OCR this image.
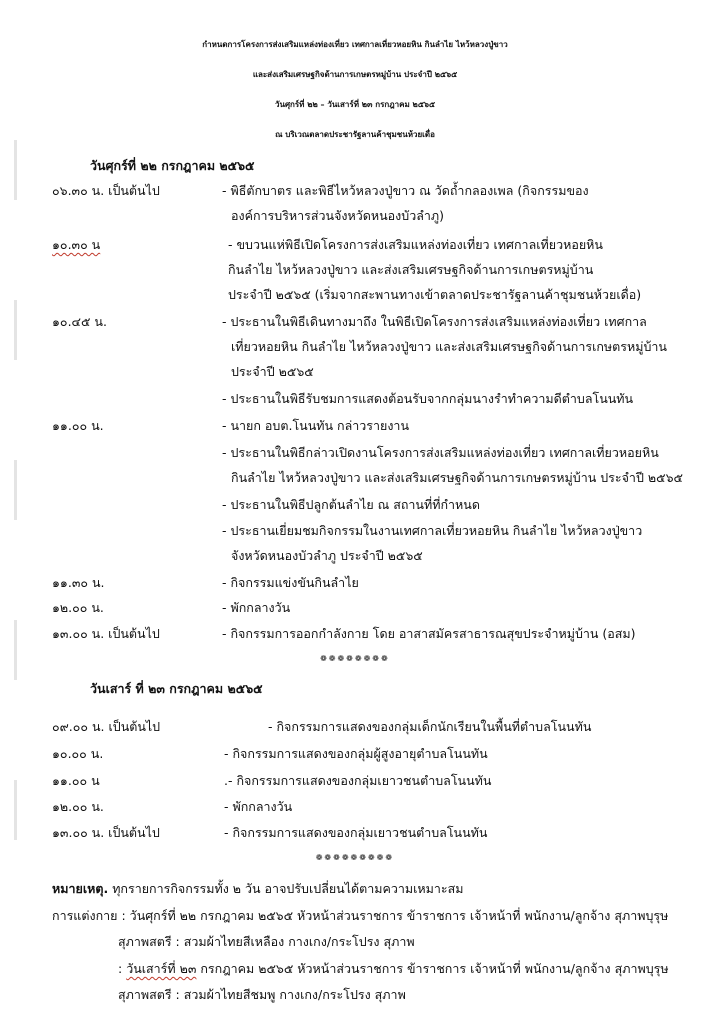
กำหนดการโครงการส่งเสริมแหล่งท่องเที่ยว เทศกาลเที่ยวหอยหิน กินลำไย ไหว้หลวงปู่ขาว
และส่งเสริมเศรษฐกิจด้านการเกษตรหมู่บ้าน ประจำปี ๒๕๖๕
วันศุกร์ที่ ๒๒ – วันเสาร์ที่ ๒๓ กรกฎาคม ๒๕๖๕
ณ บริเวณตลาดประชารัฐลานค้าชุมชนห้วยเดื่อ
วันศุกร์ที่ ๒๒ กรกฎาคม ๒๕๖๕
๐๖.๓๐ น. เป็นต้นไป	- พิธีตักบาตร และพิธีไหว้หลวงปู่ขาว ณ วัดถ้ำกลองเพล (กิจกรรมของ
องค์การบริหารส่วนจังหวัดหนองบัวลำภู)
๑๐.๓๐ น	- ขบวนแห่พิธีเปิดโครงการส่งเสริมแหล่งท่องเที่ยว เทศกาลเที่ยวหอยหิน
กินลำไย ไหว้หลวงปู่ขาว และส่งเสริมเศรษฐกิจด้านการเกษตรหมู่บ้าน
ประจำปี ๒๕๖๕ (เริ่มจากสะพานทางเข้าตลาดประชารัฐลานค้าชุมชนห้วยเดื่อ)
๑๐.๔๕ น.	- ประธานในพิธีเดินทางมาถึง ในพิธีเปิดโครงการส่งเสริมแหล่งท่องเที่ยว เทศกาล
เที่ยวหอยหิน กินลำไย ไหว้หลวงปู่ขาว และส่งเสริมเศรษฐกิจด้านการเกษตรหมู่บ้าน
ประจำปี ๒๕๖๕
- ประธานในพิธีรับชมการแสดงต้อนรับจากกลุ่มนางรำทำความดีตำบลโนนทัน
๑๑.๐๐ น.	- นายก อบต.โนนทัน กล่าวรายงาน
- ประธานในพิธีกล่าวเปิดงานโครงการส่งเสริมแหล่งท่องเที่ยว เทศกาลเที่ยวหอยหิน
กินลำไย ไหว้หลวงปู่ขาว และส่งเสริมเศรษฐกิจด้านการเกษตรหมู่บ้าน ประจำปี ๒๕๖๕
- ประธานในพิธีปลูกต้นลำไย ณ สถานที่ที่กำหนด
- ประธานเยี่ยมชมกิจกรรมในงานเทศกาลเที่ยวหอยหิน กินลำไย ไหว้หลวงปู่ขาว
จังหวัดหนองบัวลำภู ประจำปี ๒๕๖๕
๑๑.๓๐ น.	- กิจกรรมแข่งขันกินลำไย
๑๒.๐๐ น.	- พักกลางวัน
๑๓.๐๐ น. เป็นต้นไป	- กิจกรรมการออกกำลังกาย โดย อาสาสมัครสาธารณสุขประจำหมู่บ้าน (อสม)
❁❁❁❁❁❁❁❁
วันเสาร์ ที่ ๒๓ กรกฎาคม ๒๕๖๕
๐๙.๐๐ น. เป็นต้นไป	- กิจกรรมการแสดงของกลุ่มเด็กนักเรียนในพื้นที่ตำบลโนนทัน
๑๐.๐๐ น.	- กิจกรรมการแสดงของกลุ่มผู้สูงอายุตำบลโนนทัน
๑๑.๐๐ น	.- กิจกรรมการแสดงของกลุ่มเยาวชนตำบลโนนทัน
๑๒.๐๐ น.	- พักกลางวัน
๑๓.๐๐ น. เป็นต้นไป	- กิจกรรมการแสดงของกลุ่มเยาวชนตำบลโนนทัน
❁❁❁❁❁❁❁❁❁
หมายเหตุ. ทุกรายการกิจกรรมทั้ง ๒ วัน อาจปรับเปลี่ยนได้ตามความเหมาะสม
การแต่งกาย : วันศุกร์ที่ ๒๒ กรกฎาคม ๒๕๖๕ หัวหน้าส่วนราชการ ข้าราชการ เจ้าหน้าที่ พนักงาน/ลูกจ้าง สุภาพบุรุษ
สุภาพสตรี : สวมผ้าไทยสีเหลือง กางเกง/กระโปรง สุภาพ
: วันเสาร์ที่ ๒๓ กรกฎาคม ๒๕๖๕ หัวหน้าส่วนราชการ ข้าราชการ เจ้าหน้าที่ พนักงาน/ลูกจ้าง สุภาพบุรุษ
สุภาพสตรี : สวมผ้าไทยสีชมพู กางเกง/กระโปรง สุภาพ
